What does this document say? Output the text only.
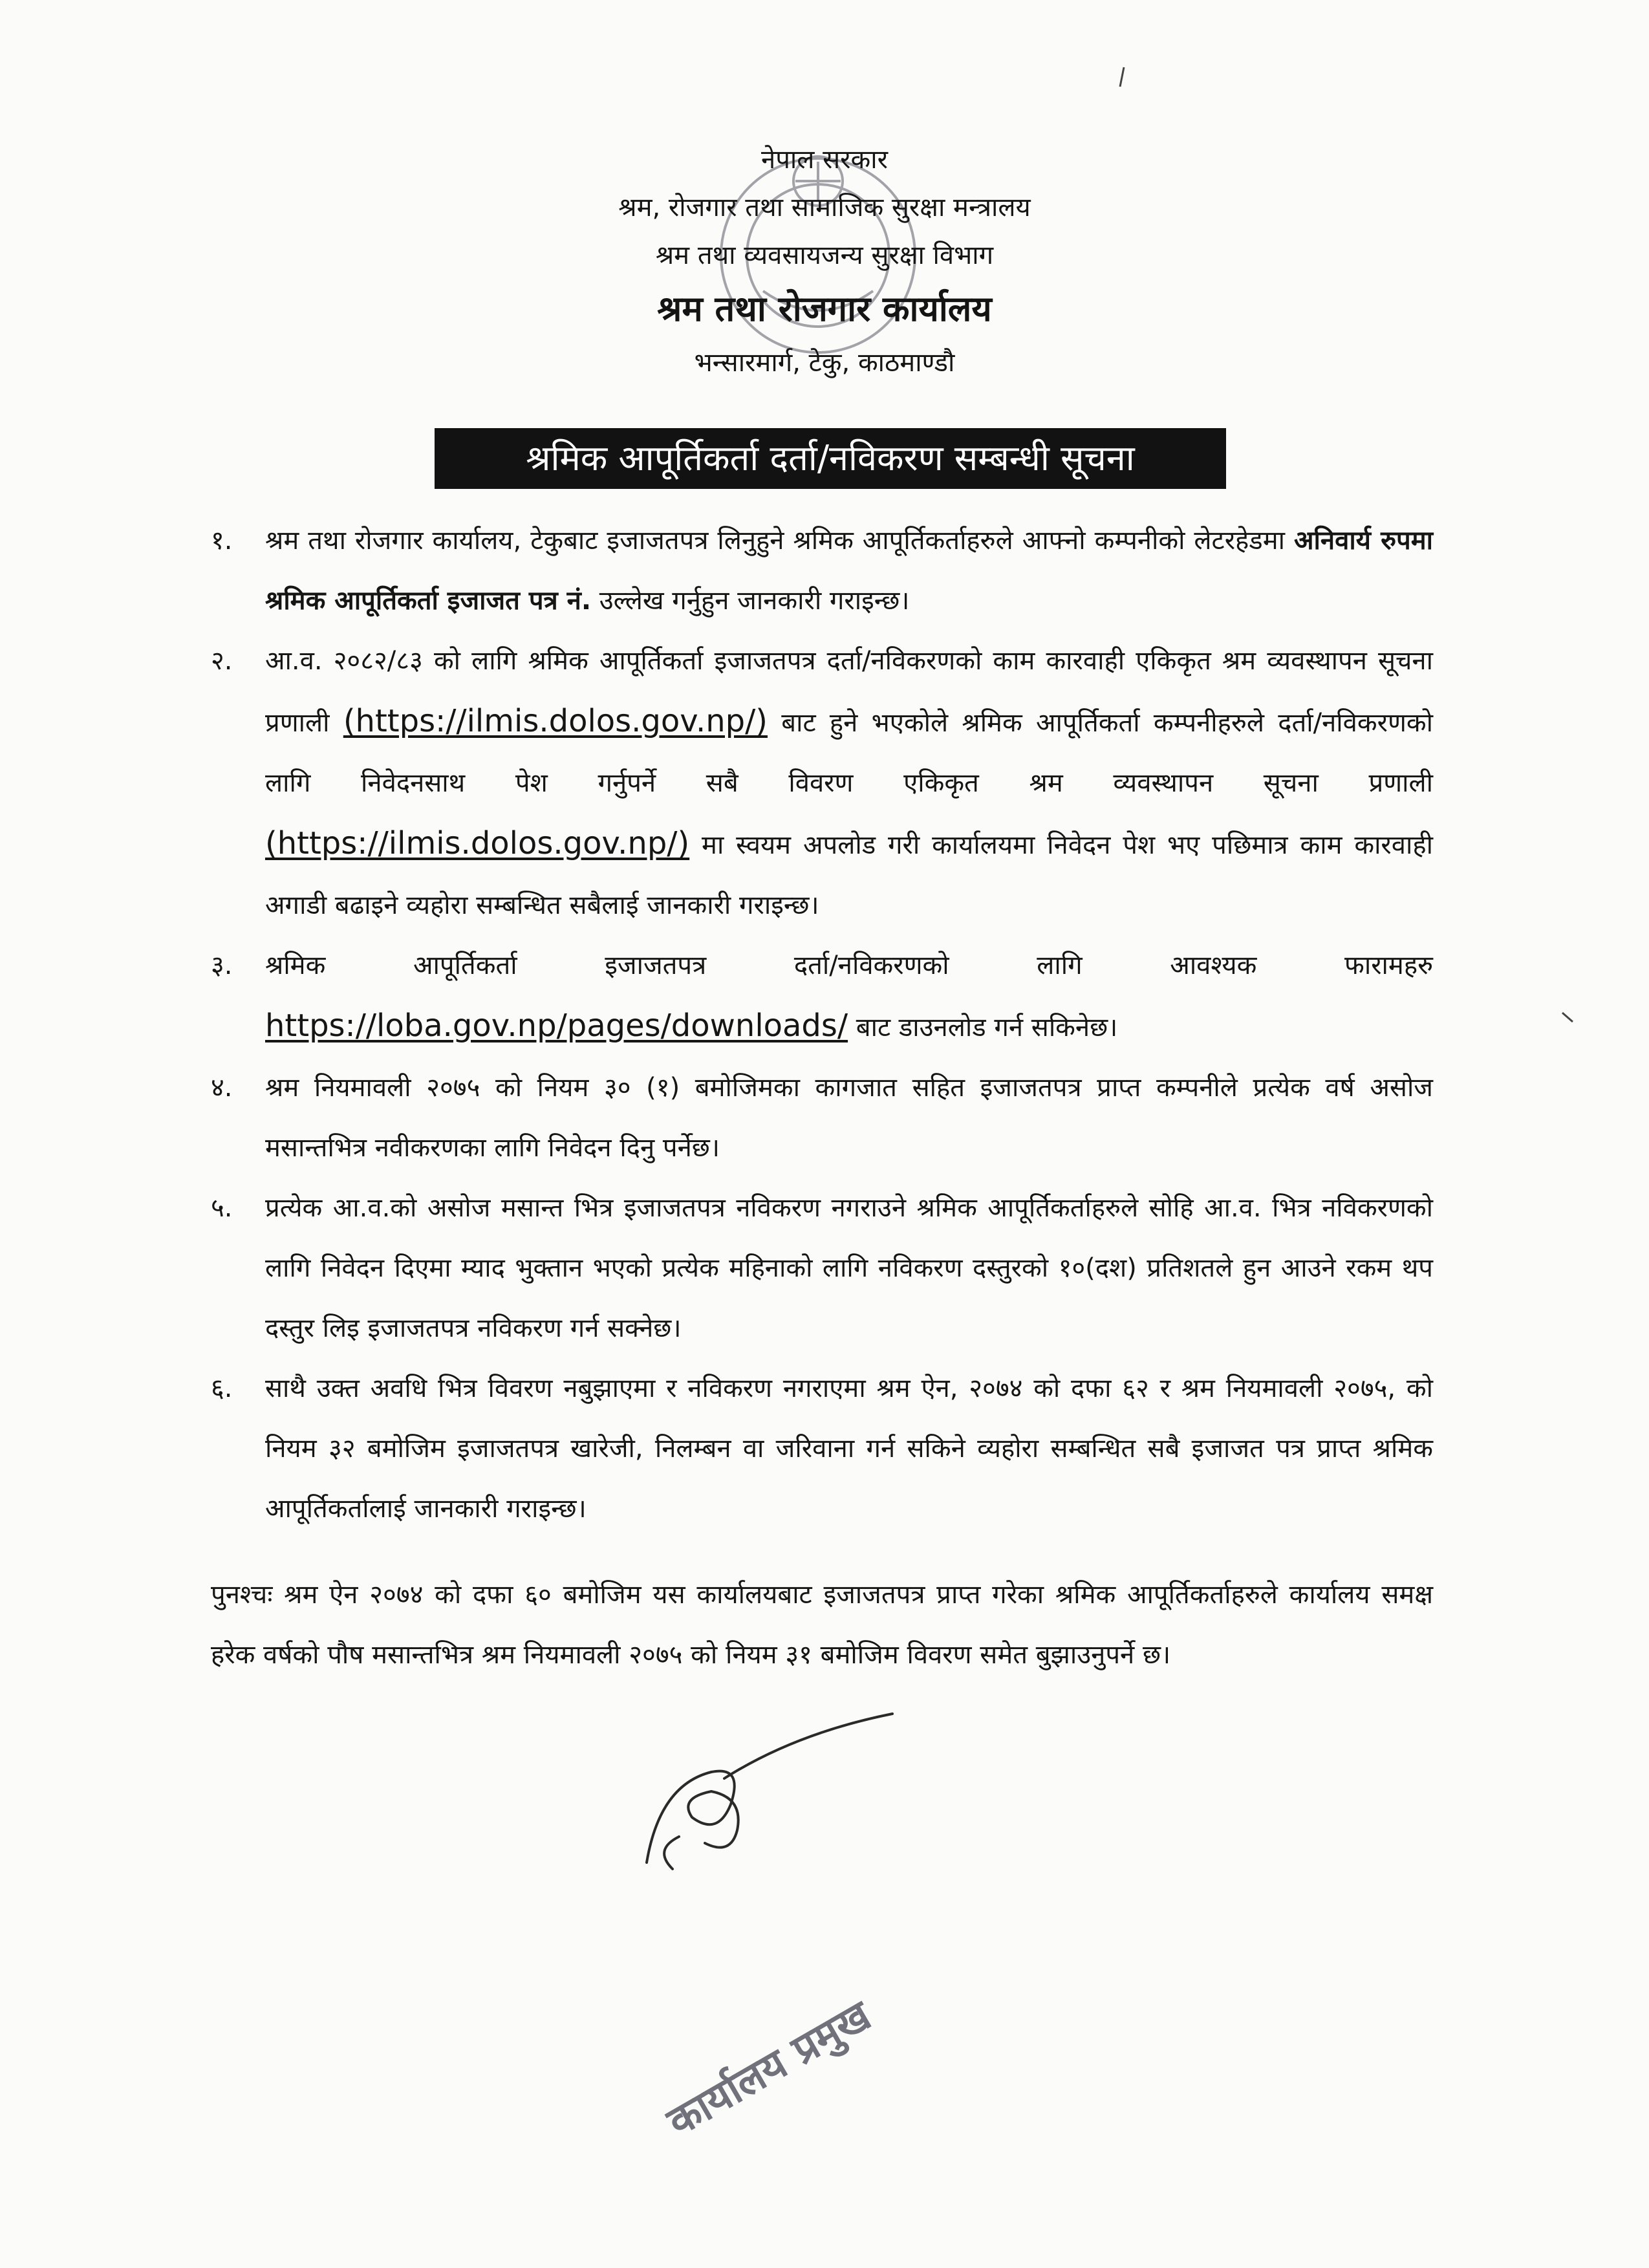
नेपाल सरकार
श्रम, रोजगार तथा सामाजिक सुरक्षा मन्त्रालय
श्रम तथा व्यवसायजन्य सुरक्षा विभाग
श्रम तथा रोजगार कार्यालय
भन्सारमार्ग, टेकु, काठमाण्डौ
श्रमिक आपूर्तिकर्ता दर्ता/नविकरण सम्बन्धी सूचना

१.	श्रम तथा रोजगार कार्यालय, टेकुबाट इजाजतपत्र लिनुहुने श्रमिक आपूर्तिकर्ताहरुले आफ्नो कम्पनीको लेटरहेडमा अनिवार्य रुपमा श्रमिक आपूर्तिकर्ता इजाजत पत्र नं. उल्लेख गर्नुहुन जानकारी गराइन्छ।

२.	आ.व. २०८२/८३ को लागि श्रमिक आपूर्तिकर्ता इजाजतपत्र दर्ता/नविकरणको काम कारवाही एकिकृत श्रम व्यवस्थापन सूचना प्रणाली (https://ilmis.dolos.gov.np/) बाट हुने भएकोले श्रमिक आपूर्तिकर्ता कम्पनीहरुले दर्ता/नविकरणको लागि निवेदनसाथ पेश गर्नुपर्ने सबै विवरण एकिकृत श्रम व्यवस्थापन सूचना प्रणाली (https://ilmis.dolos.gov.np/) मा स्वयम अपलोड गरी कार्यालयमा निवेदन पेश भए पछिमात्र काम कारवाही अगाडी बढाइने व्यहोरा सम्बन्धित सबैलाई जानकारी गराइन्छ।

३.	श्रमिक आपूर्तिकर्ता इजाजतपत्र दर्ता/नविकरणको लागि आवश्यक फारामहरु https://loba.gov.np/pages/downloads/ बाट डाउनलोड गर्न सकिनेछ।

४.	श्रम नियमावली २०७५ को नियम ३० (१) बमोजिमका कागजात सहित इजाजतपत्र प्राप्त कम्पनीले प्रत्येक वर्ष असोज मसान्तभित्र नवीकरणका लागि निवेदन दिनु पर्नेछ।

५.	प्रत्येक आ.व.को असोज मसान्त भित्र इजाजतपत्र नविकरण नगराउने श्रमिक आपूर्तिकर्ताहरुले सोहि आ.व. भित्र नविकरणको लागि निवेदन दिएमा म्याद भुक्तान भएको प्रत्येक महिनाको लागि नविकरण दस्तुरको १०(दश) प्रतिशतले हुन आउने रकम थप दस्तुर लिइ इजाजतपत्र नविकरण गर्न सक्नेछ।

६.	साथै उक्त अवधि भित्र विवरण नबुझाएमा र नविकरण नगराएमा श्रम ऐन, २०७४ को दफा ६२ र श्रम नियमावली २०७५, को नियम ३२ बमोजिम इजाजतपत्र खारेजी, निलम्बन वा जरिवाना गर्न सकिने व्यहोरा सम्बन्धित सबै इजाजत पत्र प्राप्त श्रमिक आपूर्तिकर्तालाई जानकारी गराइन्छ।

पुनश्चः श्रम ऐन २०७४ को दफा ६० बमोजिम यस कार्यालयबाट इजाजतपत्र प्राप्त गरेका श्रमिक आपूर्तिकर्ताहरुले कार्यालय समक्ष हरेक वर्षको पौष मसान्तभित्र श्रम नियमावली २०७५ को नियम ३१ बमोजिम विवरण समेत बुझाउनुपर्ने छ।

कार्यालय प्रमुख
